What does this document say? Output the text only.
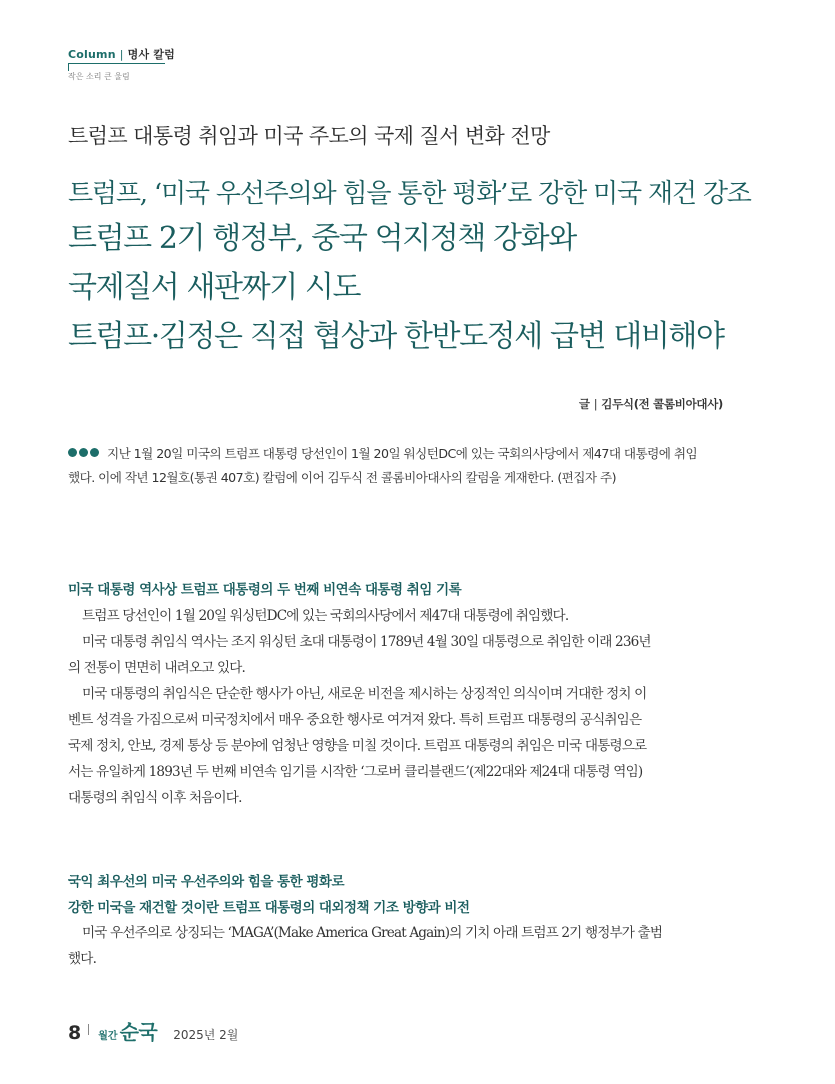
Column | 명사 칼럼
작은 소리 큰 울림
트럼프 대통령 취임과 미국 주도의 국제 질서 변화 전망
트럼프, ‘미국 우선주의와 힘을 통한 평화’로 강한 미국 재건 강조
트럼프 2기 행정부, 중국 억지정책 강화와
국제질서 새판짜기 시도
트럼프·김정은 직접 협상과 한반도정세 급변 대비해야
글 | 김두식(전 콜롬비아대사)
지난 1월 20일 미국의 트럼프 대통령 당선인이 1월 20일 워싱턴DC에 있는 국회의사당에서 제47대 대통령에 취임
했다. 이에 작년 12월호(통권 407호) 칼럼에 이어 김두식 전 콜롬비아대사의 칼럼을 게재한다. (편집자 주)
미국 대통령 역사상 트럼프 대통령의 두 번째 비연속 대통령 취임 기록
트럼프 당선인이 1월 20일 워싱턴DC에 있는 국회의사당에서 제47대 대통령에 취임했다.
미국 대통령 취임식 역사는 조지 워싱턴 초대 대통령이 1789년 4월 30일 대통령으로 취임한 이래 236년
의 전통이 면면히 내려오고 있다.
미국 대통령의 취임식은 단순한 행사가 아닌, 새로운 비전을 제시하는 상징적인 의식이며 거대한 정치 이
벤트 성격을 가짐으로써 미국정치에서 매우 중요한 행사로 여겨져 왔다. 특히 트럼프 대통령의 공식취임은
국제 정치, 안보, 경제 통상 등 분야에 엄청난 영향을 미칠 것이다. 트럼프 대통령의 취임은 미국 대통령으로
서는 유일하게 1893년 두 번째 비연속 임기를 시작한 ‘그로버 클리블랜드’(제22대와 제24대 대통령 역임)
대통령의 취임식 이후 처음이다.
국익 최우선의 미국 우선주의와 힘을 통한 평화로
강한 미국을 재건할 것이란 트럼프 대통령의 대외정책 기조 방향과 비전
미국 우선주의로 상징되는 ‘MAGA’(Make America Great Again)의 기치 아래 트럼프 2기 행정부가 출범
했다.
8 월간 순국 2025년 2월
